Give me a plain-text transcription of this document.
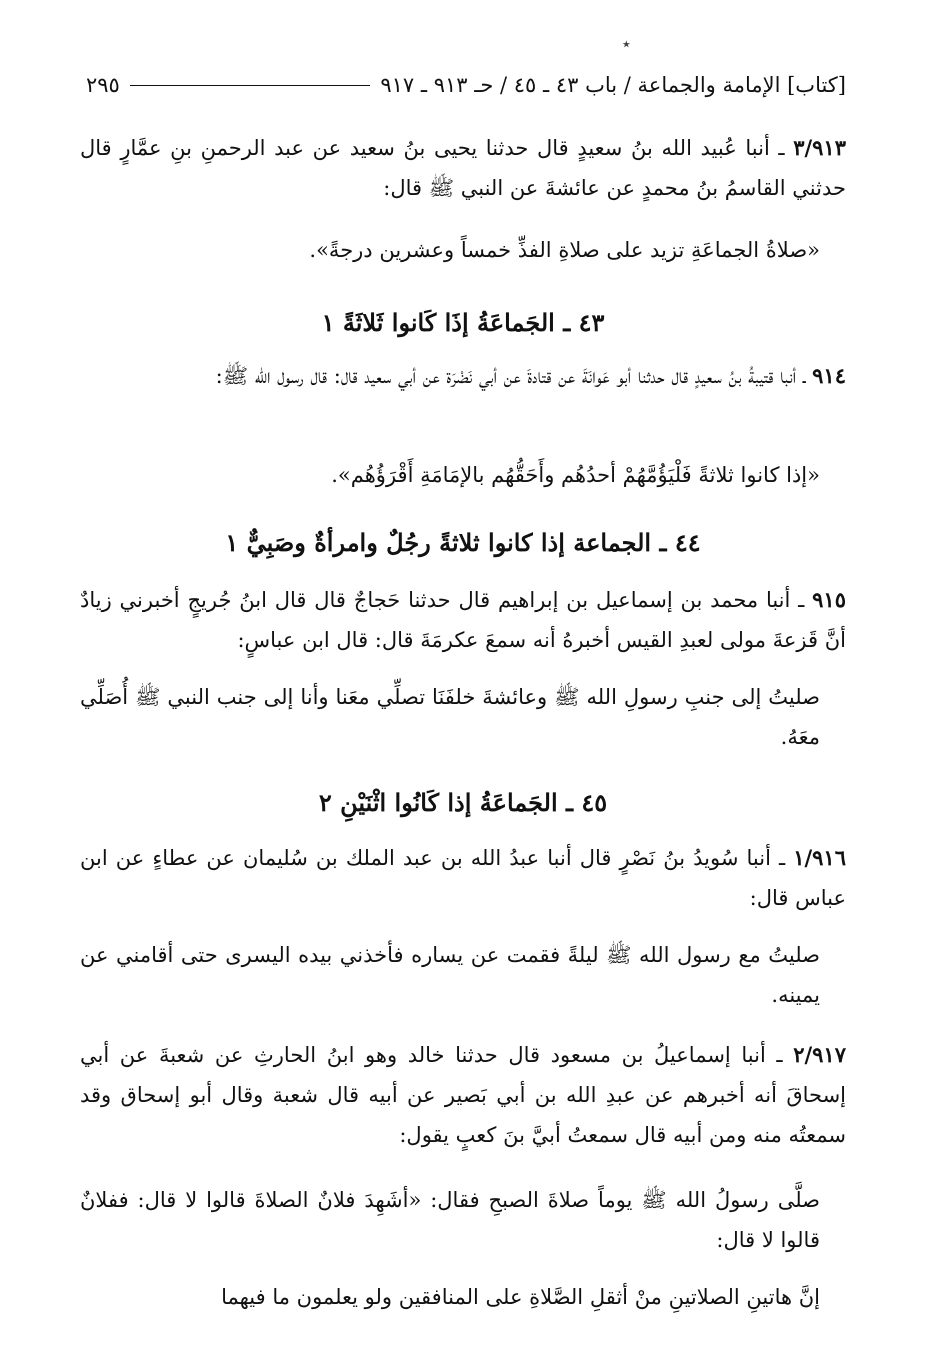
٭
[كتاب] الإمامة والجماعة / باب ٤٣ ـ ٤٥ / حـ ٩١٣ ـ ٩١٧
٢٩٥

٣/٩١٣ ـ أنبا عُبيد الله بنُ سعيدٍ قال حدثنا يحيى بنُ سعيد عن عبد الرحمنِ بنِ عمَّارٍ قال حدثني القاسمُ بنُ محمدٍ عن عائشةَ عن النبي ﷺ قال:

«صلاةُ الجماعَةِ تزيد على صلاةِ الفذِّ خمساً وعشرين درجةً».

٤٣ ـ الجَماعَةُ إذَا كَانوا ثَلاثَةً ١

٩١٤ ـ أنبا قتيبةُ بنُ سعيدٍ قال حدثنا أبو عَوانَةَ عن قتادةَ عن أبي نَضْرَة عن أبي سعيد قال: قال رسول الله ﷺ:

«إذا كانوا ثلاثةً فَلْيَؤُمَّهُمْ أحدُهُم وأَحَقُّهُم بالإمَامَةِ أَقْرَؤُهُم».

٤٤ ـ الجماعة إذا كانوا ثلاثةً رجُلٌ وامرأةٌ وصَبِيٌّ ١

٩١٥ ـ أنبا محمد بن إسماعيل بن إبراهيم قال حدثنا حَجاجٌ قال قال ابنُ جُريجٍ أخبرني زيادٌ أنَّ قَزعةَ مولى لعبدِ القيس أخبرهُ أنه سمعَ عكرمَةَ قال: قال ابن عباسٍ:

صليتُ إلى جنبِ رسولِ الله ﷺ وعائشةَ خلفَنَا تصلِّي معَنا وأنا إلى جنب النبي ﷺ أُصَلِّي معَهُ.

٤٥ ـ الجَماعَةُ إذا كَانُوا اثْنَيْنِ ٢

١/٩١٦ ـ أنبا سُويدُ بنُ نَصْرٍ قال أنبا عبدُ الله بن عبد الملك بن سُليمان عن عطاءٍ عن ابن عباس قال:

صليتُ مع رسول الله ﷺ ليلةً فقمت عن يساره فأخذني بيده اليسرى حتى أقامني عن يمينه.

٢/٩١٧ ـ أنبا إسماعيلُ بن مسعود قال حدثنا خالد وهو ابنُ الحارثِ عن شعبةَ عن أبي إسحاقَ أنه أخبرهم عن عبدِ الله بن أبي بَصير عن أبيه قال شعبة وقال أبو إسحاق وقد سمعتُه منه ومن أبيه قال سمعتُ أبيَّ بنَ كعبٍ يقول:

صلَّى رسولُ الله ﷺ يوماً صلاةَ الصبحِ فقال: «أشَهِدَ فلانٌ الصلاةَ قالوا لا قال: ففلانٌ قالوا لا قال:

إنَّ هاتينِ الصلاتينِ منْ أثقلِ الصَّلاةِ على المنافقين ولو يعلمون ما فيهما
